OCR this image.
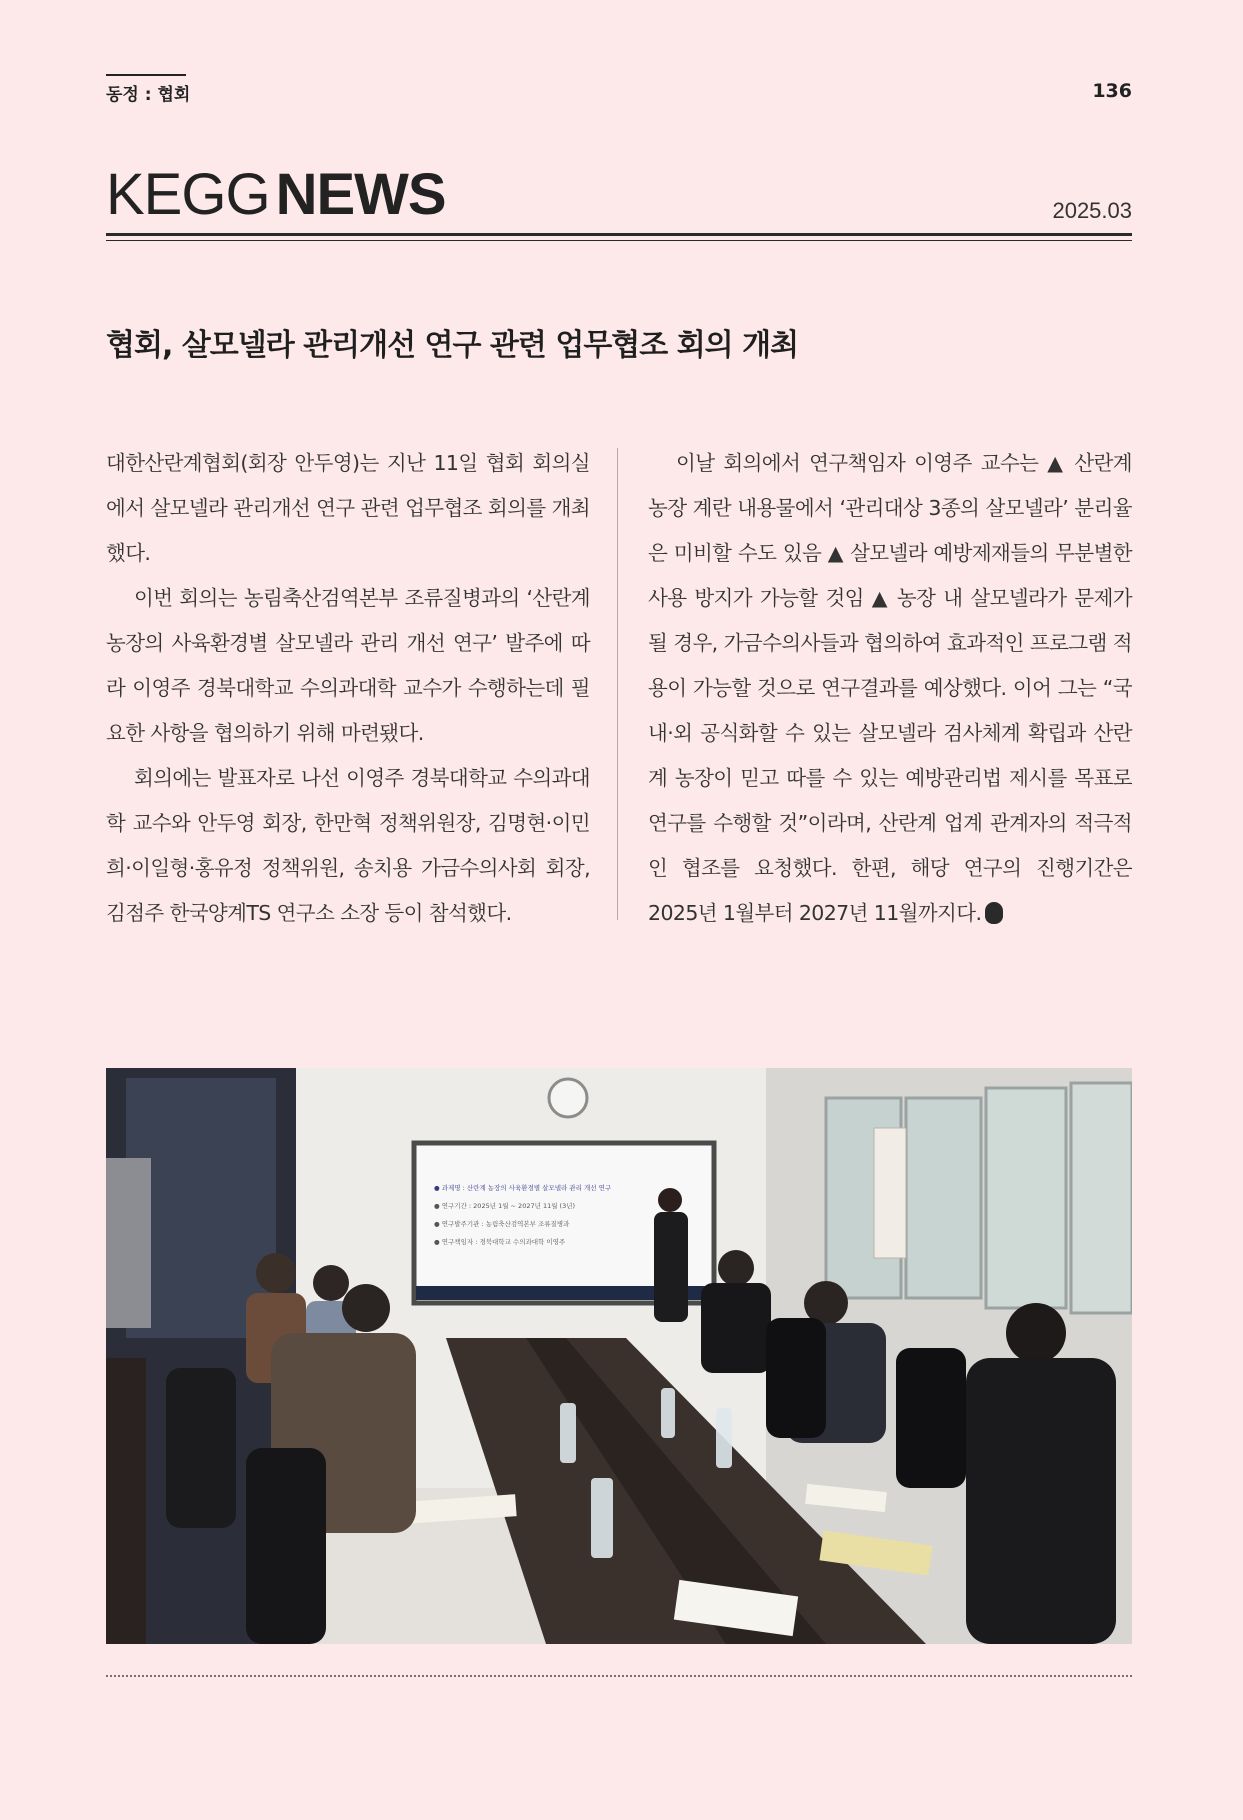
동정 : 협회	136
KEGG NEWS	2025.03
협회, 살모넬라 관리개선 연구 관련 업무협조 회의 개최

대한산란계협회(회장 안두영)는 지난 11일 협회 회의실에서 살모넬라 관리개선 연구 관련 업무협조 회의를 개최했다.

이번 회의는 농림축산검역본부 조류질병과의 ‘산란계 농장의 사육환경별 살모넬라 관리 개선 연구’ 발주에 따라 이영주 경북대학교 수의과대학 교수가 수행하는데 필요한 사항을 협의하기 위해 마련됐다.

회의에는 발표자로 나선 이영주 경북대학교 수의과대학 교수와 안두영 회장, 한만혁 정책위원장, 김명현·이민희·이일형·홍유정 정책위원, 송치용 가금수의사회 회장, 김점주 한국양계TS 연구소 소장 등이 참석했다.

이날 회의에서 연구책임자 이영주 교수는 ▲ 산란계 농장 계란 내용물에서 ‘관리대상 3종의 살모넬라’ 분리율은 미비할 수도 있음 ▲ 살모넬라 예방제재들의 무분별한 사용 방지가 가능할 것임 ▲ 농장 내 살모넬라가 문제가 될 경우, 가금수의사들과 협의하여 효과적인 프로그램 적용이 가능할 것으로 연구결과를 예상했다. 이어 그는 “국내·외 공식화할 수 있는 살모넬라 검사체계 확립과 산란계 농장이 믿고 따를 수 있는 예방관리법 제시를 목표로 연구를 수행할 것”이라며, 산란계 업계 관계자의 적극적인 협조를 요청했다. 한편, 해당 연구의 진행기간은 2025년 1월부터 2027년 11월까지다.

● 과제명 : 산란계 농장의 사육환경별 살모넬라 관리 개선 연구
● 연구기간 : 2025년 1월 ~ 2027년 11월 (3년)
● 연구발주기관 : 농림축산검역본부 조류질병과
● 연구책임자 : 경북대학교 수의과대학 이영주
